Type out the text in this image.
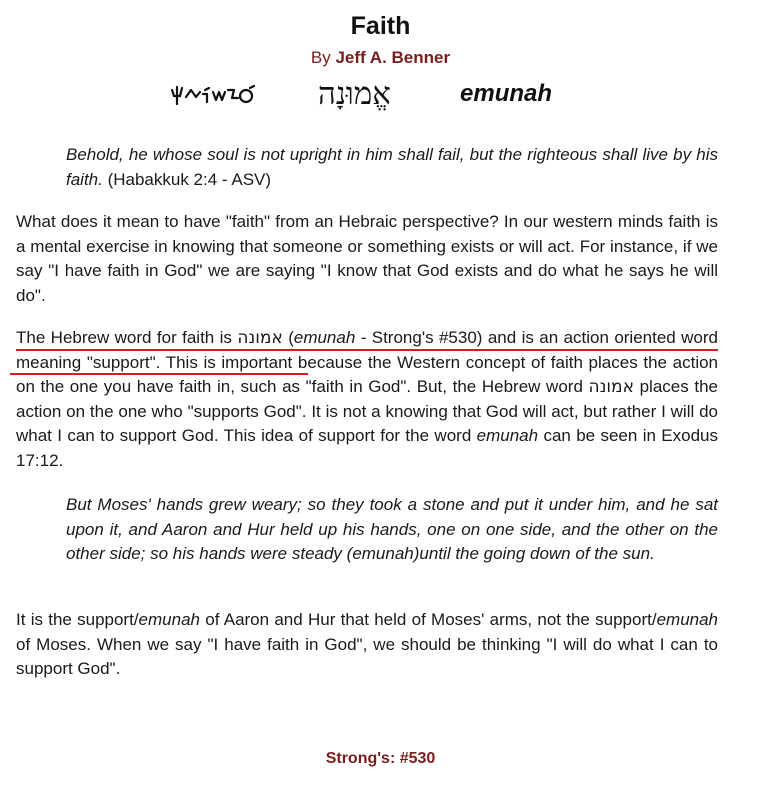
Faith
By Jeff A. Benner
אֱמוּנָה	emunah
Behold, he whose soul is not upright in him shall fail, but the righteous shall live by his faith. (Habakkuk 2:4 - ASV)
What does it mean to have "faith" from an Hebraic perspective? In our western minds faith is a mental exercise in knowing that someone or something exists or will act. For instance, if we say "I have faith in God" we are saying "I know that God exists and do what he says he will do".
The Hebrew word for faith is אמונה (emunah - Strong's #530) and is an action oriented word meaning "support". This is important because the Western concept of faith places the action on the one you have faith in, such as "faith in God". But, the Hebrew word אמונה places the action on the one who "supports God". It is not a knowing that God will act, but rather I will do what I can to support God. This idea of support for the word emunah can be seen in Exodus 17:12.
But Moses' hands grew weary; so they took a stone and put it under him, and he sat upon it, and Aaron and Hur held up his hands, one on one side, and the other on the other side; so his hands were steady (emunah)until the going down of the sun.
It is the support/emunah of Aaron and Hur that held of Moses' arms, not the support/emunah of Moses. When we say "I have faith in God", we should be thinking "I will do what I can to support God".
Strong's: #530
